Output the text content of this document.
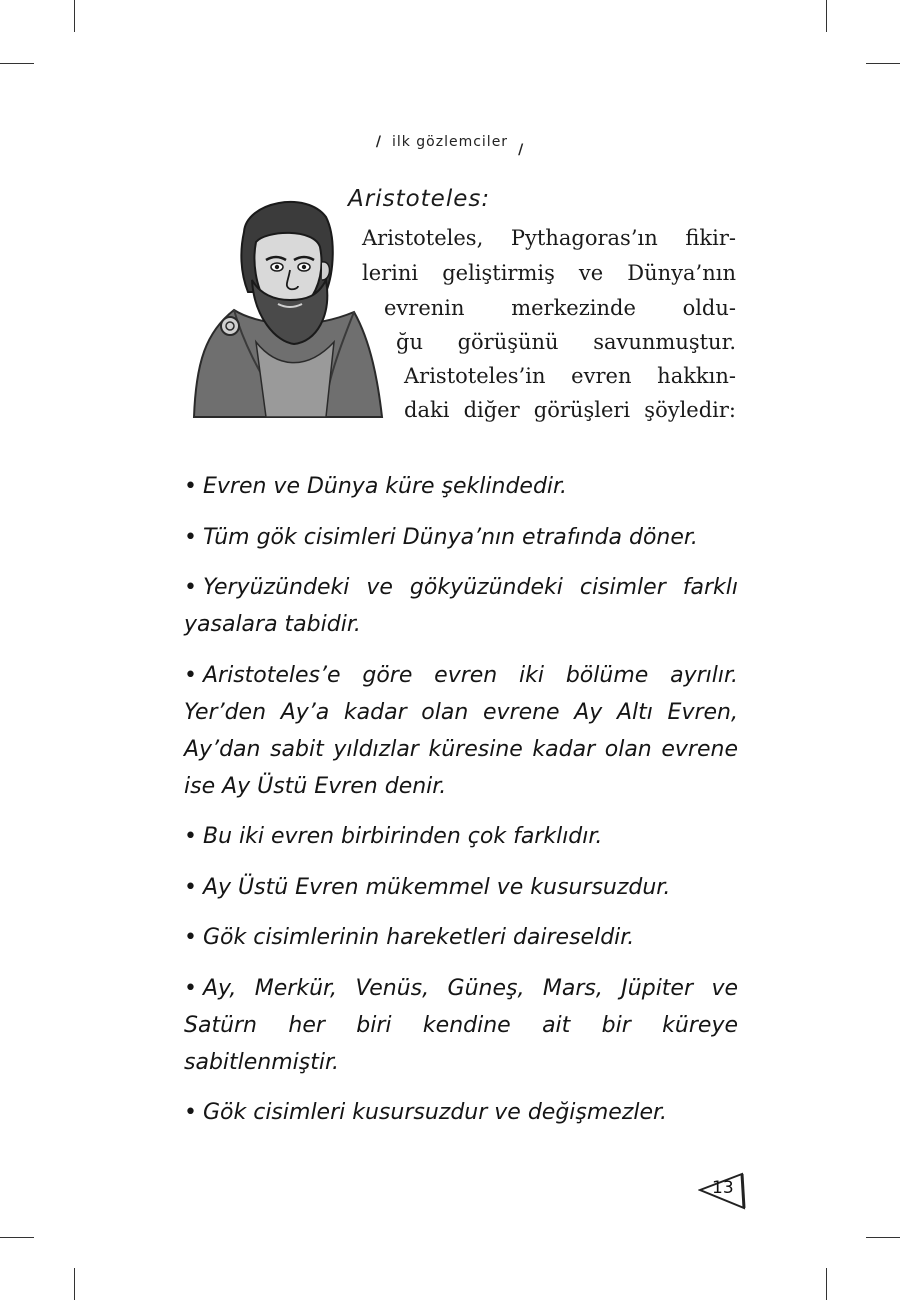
/ ilk gözlemciler /
Aristoteles:
Aristoteles, Pythagoras’ın fikir-
lerini geliştirmiş ve Dünya’nın
evrenin merkezinde oldu-
ğu görüşünü savunmuştur.
Aristoteles’in evren hakkın-
daki diğer görüşleri şöyledir:
• Evren ve Dünya küre şeklindedir.
• Tüm gök cisimleri Dünya’nın etrafında döner.
• Yeryüzündeki ve gökyüzündeki cisimler farklı yasalara tabidir.
• Aristoteles’e göre evren iki bölüme ayrılır. Yer’den Ay’a kadar olan evrene Ay Altı Evren, Ay’dan sabit yıldızlar küresine kadar olan evrene ise Ay Üstü Evren denir.
• Bu iki evren birbirinden çok farklıdır.
• Ay Üstü Evren mükemmel ve kusursuzdur.
• Gök cisimlerinin hareketleri daireseldir.
• Ay, Merkür, Venüs, Güneş, Mars, Jüpiter ve Satürn her biri kendine ait bir küreye sabitlenmiştir.
• Gök cisimleri kusursuzdur ve değişmezler.
13
